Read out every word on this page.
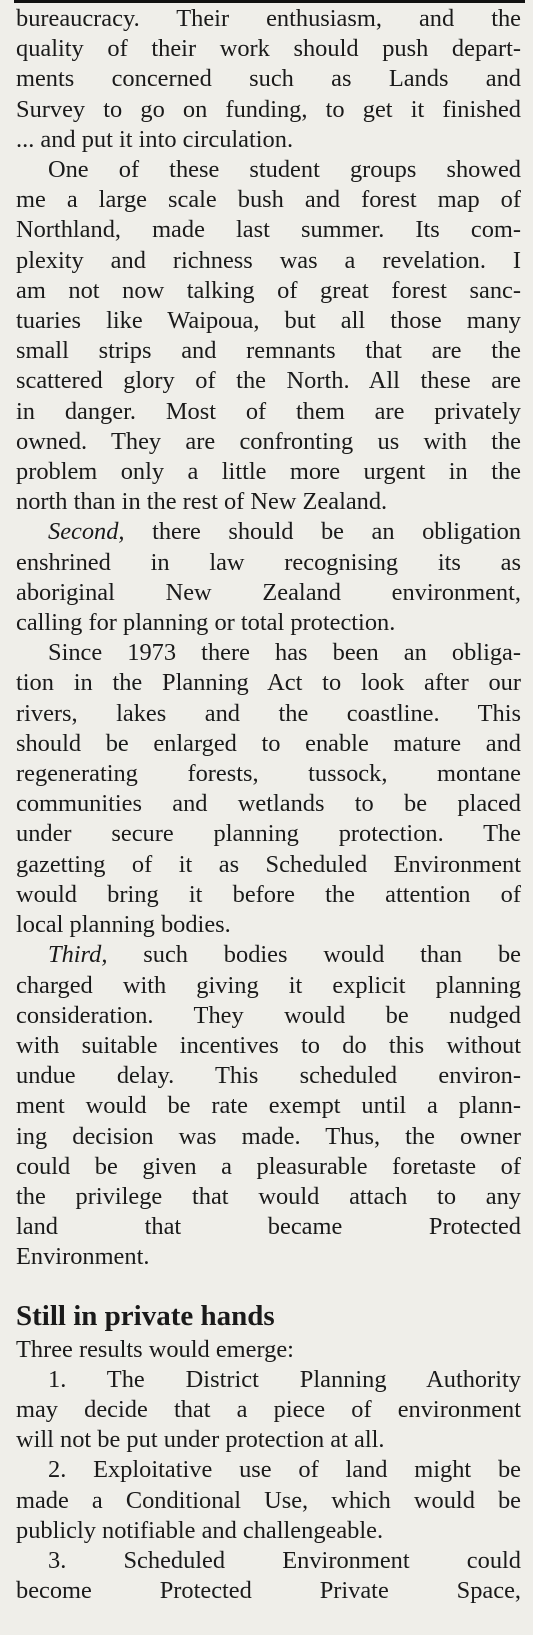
bureaucracy. Their enthusiasm, and the
quality of their work should push depart-
ments concerned such as Lands and
Survey to go on funding, to get it finished
... and put it into circulation.

One of these student groups showed
me a large scale bush and forest map of
Northland, made last summer. Its com-
plexity and richness was a revelation. I
am not now talking of great forest sanc-
tuaries like Waipoua, but all those many
small strips and remnants that are the
scattered glory of the North. All these are
in danger. Most of them are privately
owned. They are confronting us with the
problem only a little more urgent in the
north than in the rest of New Zealand.

Second, there should be an obligation
enshrined in law recognising its as
aboriginal New Zealand environment,
calling for planning or total protection.

Since 1973 there has been an obliga-
tion in the Planning Act to look after our
rivers, lakes and the coastline. This
should be enlarged to enable mature and
regenerating forests, tussock, montane
communities and wetlands to be placed
under secure planning protection. The
gazetting of it as Scheduled Environment
would bring it before the attention of
local planning bodies.

Third, such bodies would than be
charged with giving it explicit planning
consideration. They would be nudged
with suitable incentives to do this without
undue delay. This scheduled environ-
ment would be rate exempt until a plann-
ing decision was made. Thus, the owner
could be given a pleasurable foretaste of
the privilege that would attach to any
land that became Protected
Environment.

Still in private hands

Three results would emerge:

1. The District Planning Authority
may decide that a piece of environment
will not be put under protection at all.

2. Exploitative use of land might be
made a Conditional Use, which would be
publicly notifiable and challengeable.

3. Scheduled Environment could
become Protected Private Space,
